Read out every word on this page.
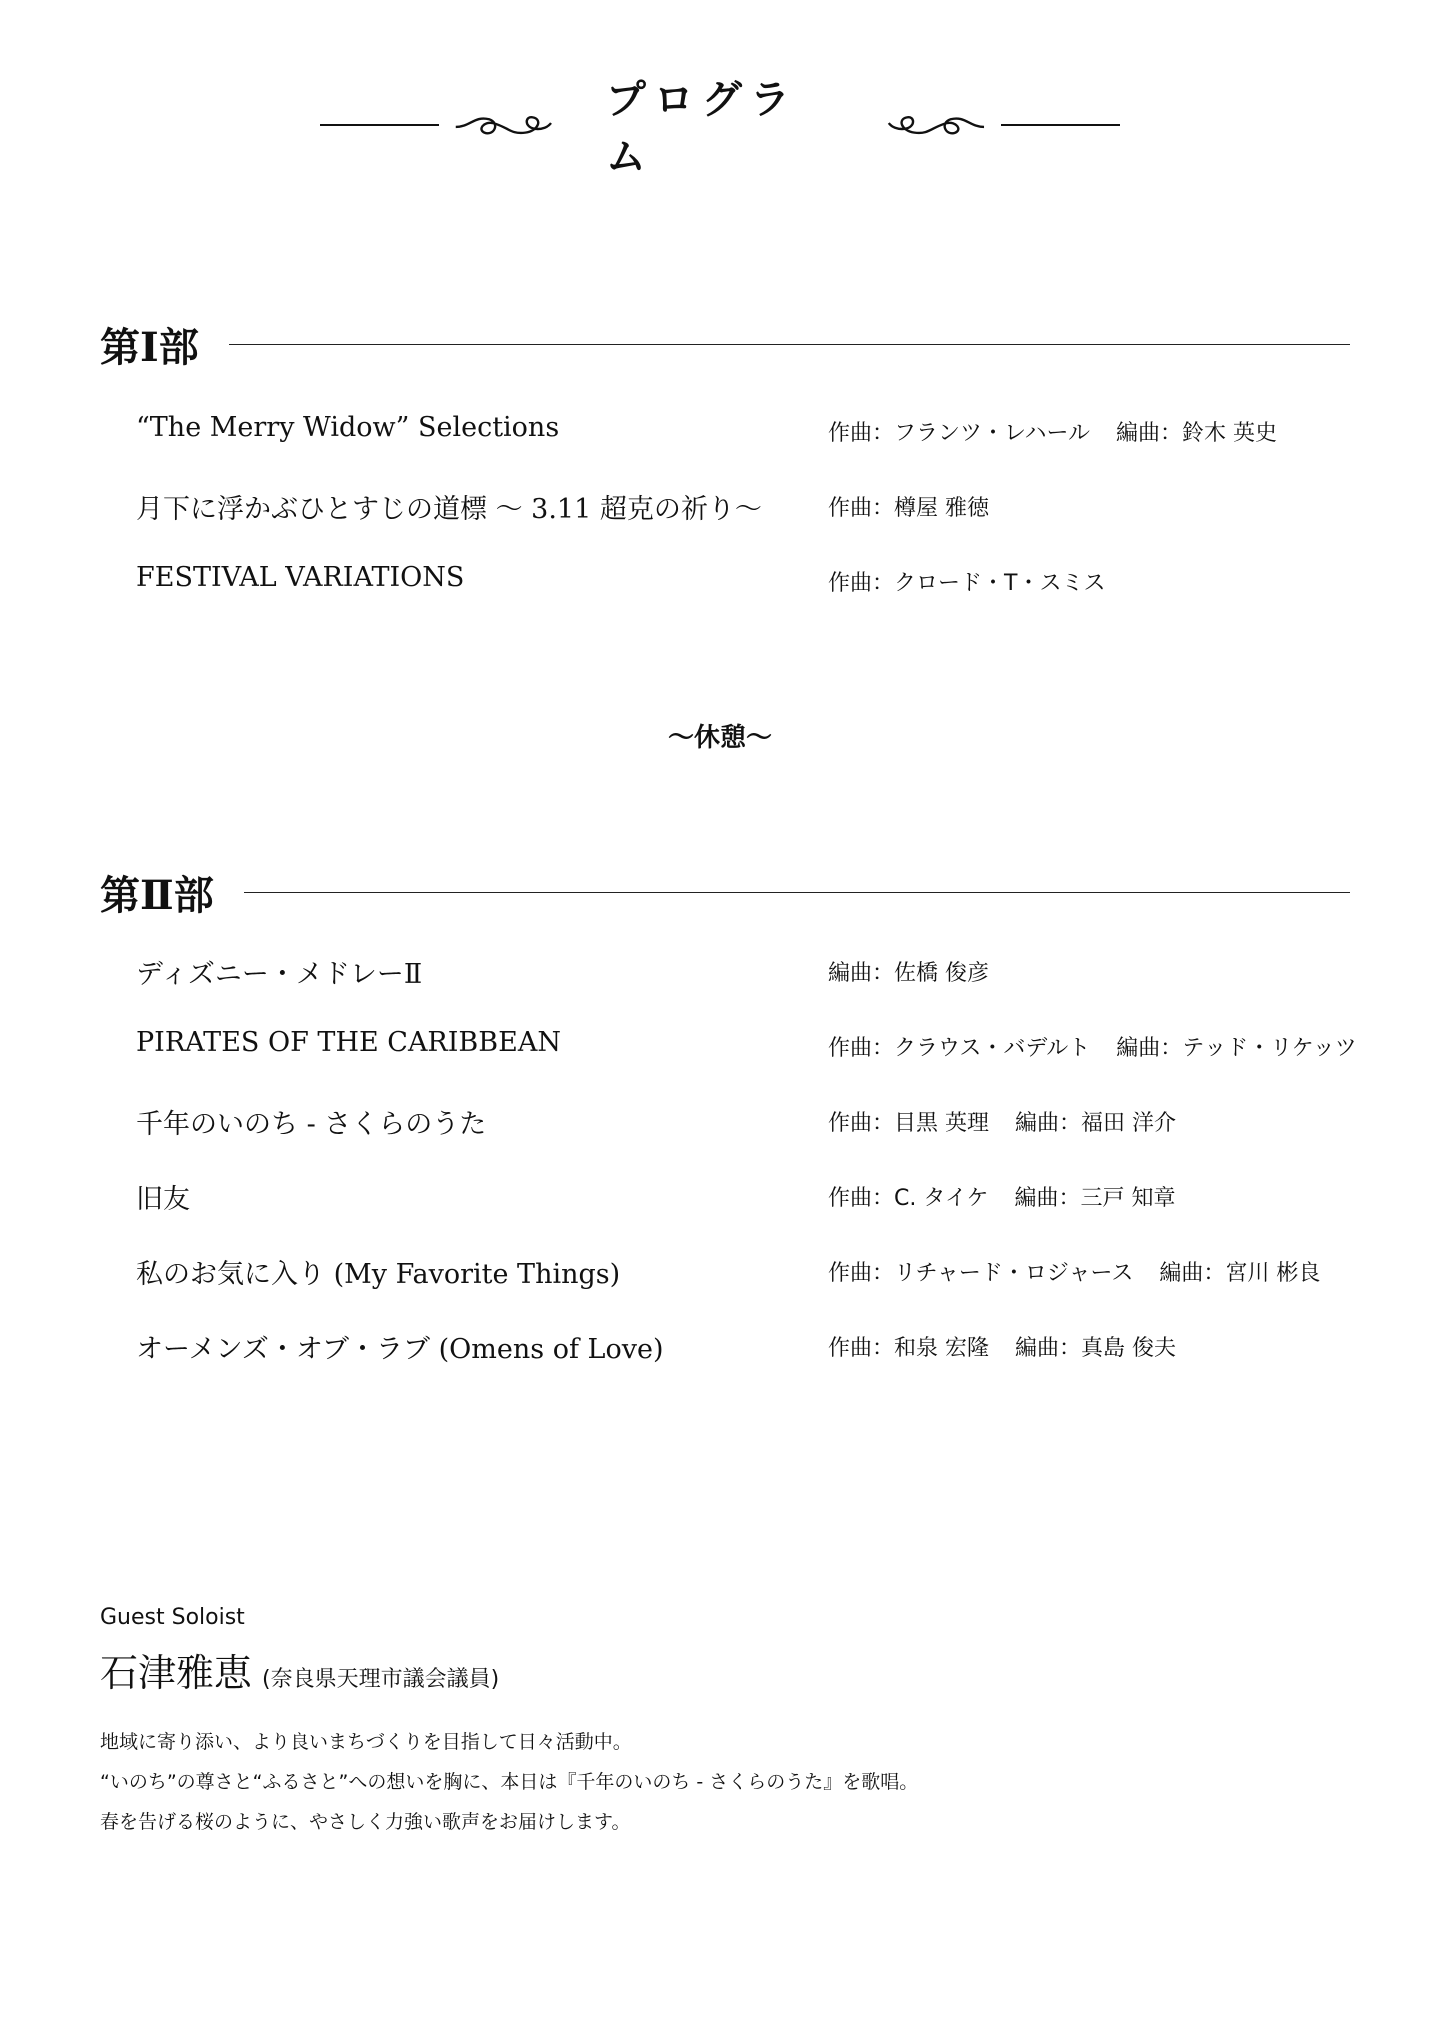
プログラム
第Ⅰ部
“The Merry Widow” Selections	作曲：フランツ・レハール 編曲：鈴木 英史
月下に浮かぶひとすじの道標 ～ 3.11 超克の祈り～	作曲：樽屋 雅徳
FESTIVAL VARIATIONS	作曲：クロード・T・スミス
～休憩～
第Ⅱ部
ディズニー・メドレーⅡ	編曲：佐橋 俊彦
PIRATES OF THE CARIBBEAN	作曲：クラウス・バデルト 編曲：テッド・リケッツ
千年のいのち - さくらのうた	作曲：目黒 英理 編曲：福田 洋介
旧友	作曲：C. タイケ 編曲：三戸 知章
私のお気に入り (My Favorite Things)	作曲：リチャード・ロジャース 編曲：宮川 彬良
オーメンズ・オブ・ラブ (Omens of Love)	作曲：和泉 宏隆 編曲：真島 俊夫
Guest Soloist
石津雅恵 (奈良県天理市議会議員)
地域に寄り添い、より良いまちづくりを目指して日々活動中。
“いのち”の尊さと“ふるさと”への想いを胸に、本日は『千年のいのち - さくらのうた』を歌唱。
春を告げる桜のように、やさしく力強い歌声をお届けします。
